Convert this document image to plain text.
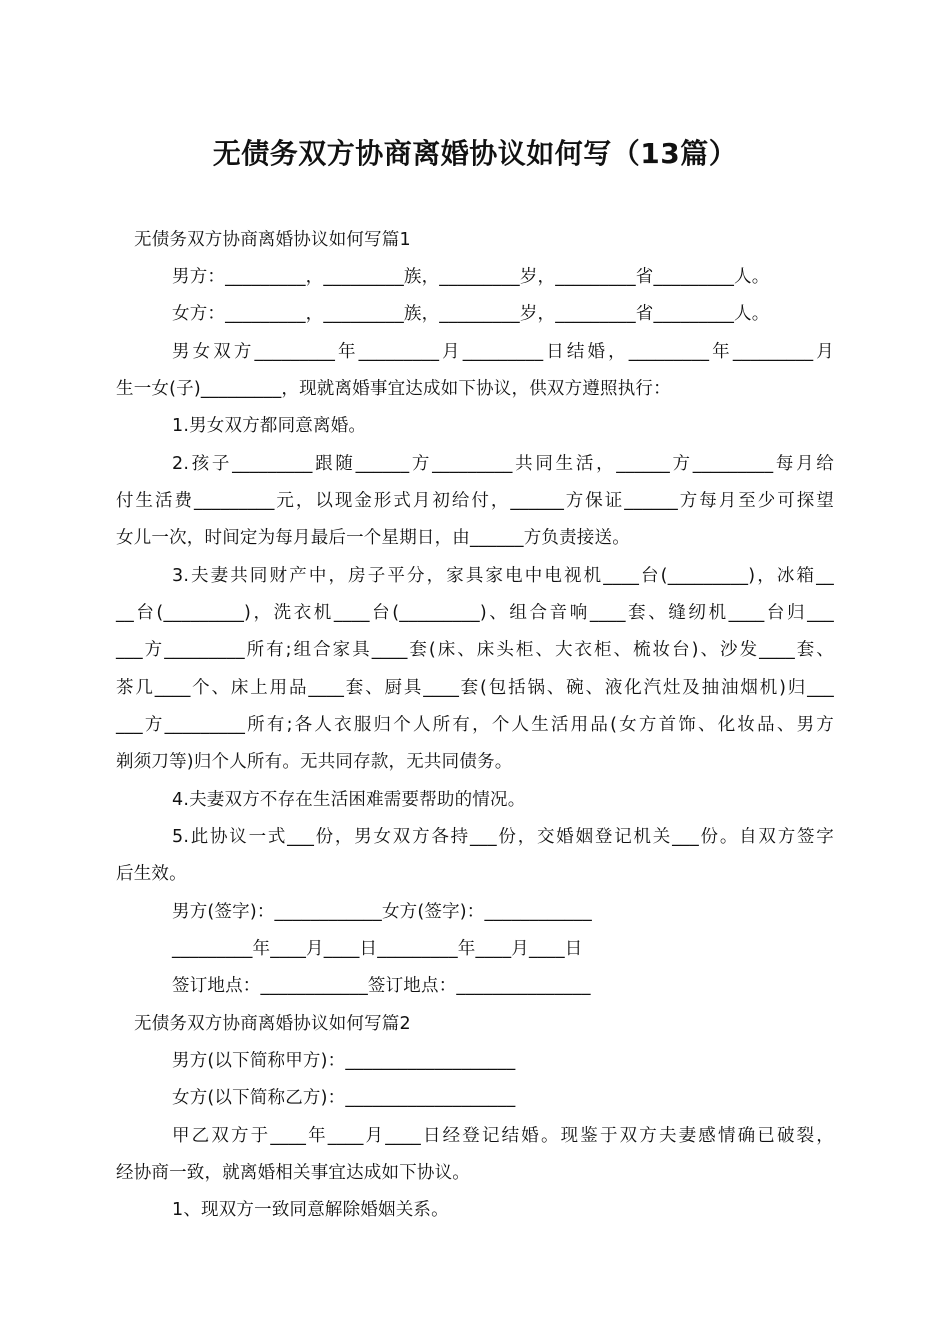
无债务双方协商离婚协议如何写（13篇）
无债务双方协商离婚协议如何写篇1
男方：_________，_________族，_________岁，_________省_________人。
女方：_________，_________族，_________岁，_________省_________人。
男女双方_________年_________月_________日结婚，_________年_________月
生一女(子)_________，现就离婚事宜达成如下协议，供双方遵照执行：
1.男女双方都同意离婚。
2.孩子_________跟随______方_________共同生活，______方_________每月给
付生活费_________元，以现金形式月初给付，______方保证______方每月至少可探望
女儿一次，时间定为每月最后一个星期日，由______方负责接送。
3.夫妻共同财产中，房子平分，家具家电中电视机____台(_________)，冰箱__
__台(_________)，洗衣机____台(_________)、组合音响____套、缝纫机____台归___
___方_________所有;组合家具____套(床、床头柜、大衣柜、梳妆台)、沙发____套、
茶几____个、床上用品____套、厨具____套(包括锅、碗、液化汽灶及抽油烟机)归___
___方_________所有;各人衣服归个人所有，个人生活用品(女方首饰、化妆品、男方
剃须刀等)归个人所有。无共同存款，无共同债务。
4.夫妻双方不存在生活困难需要帮助的情况。
5.此协议一式___份，男女双方各持___份，交婚姻登记机关___份。自双方签字
后生效。
男方(签字)：____________女方(签字)：____________
_________年____月____日_________年____月____日
签订地点：____________签订地点：_______________
无债务双方协商离婚协议如何写篇2
男方(以下简称甲方)：___________________
女方(以下简称乙方)：___________________
甲乙双方于____年____月____日经登记结婚。现鉴于双方夫妻感情确已破裂，
经协商一致，就离婚相关事宜达成如下协议。
1、现双方一致同意解除婚姻关系。
